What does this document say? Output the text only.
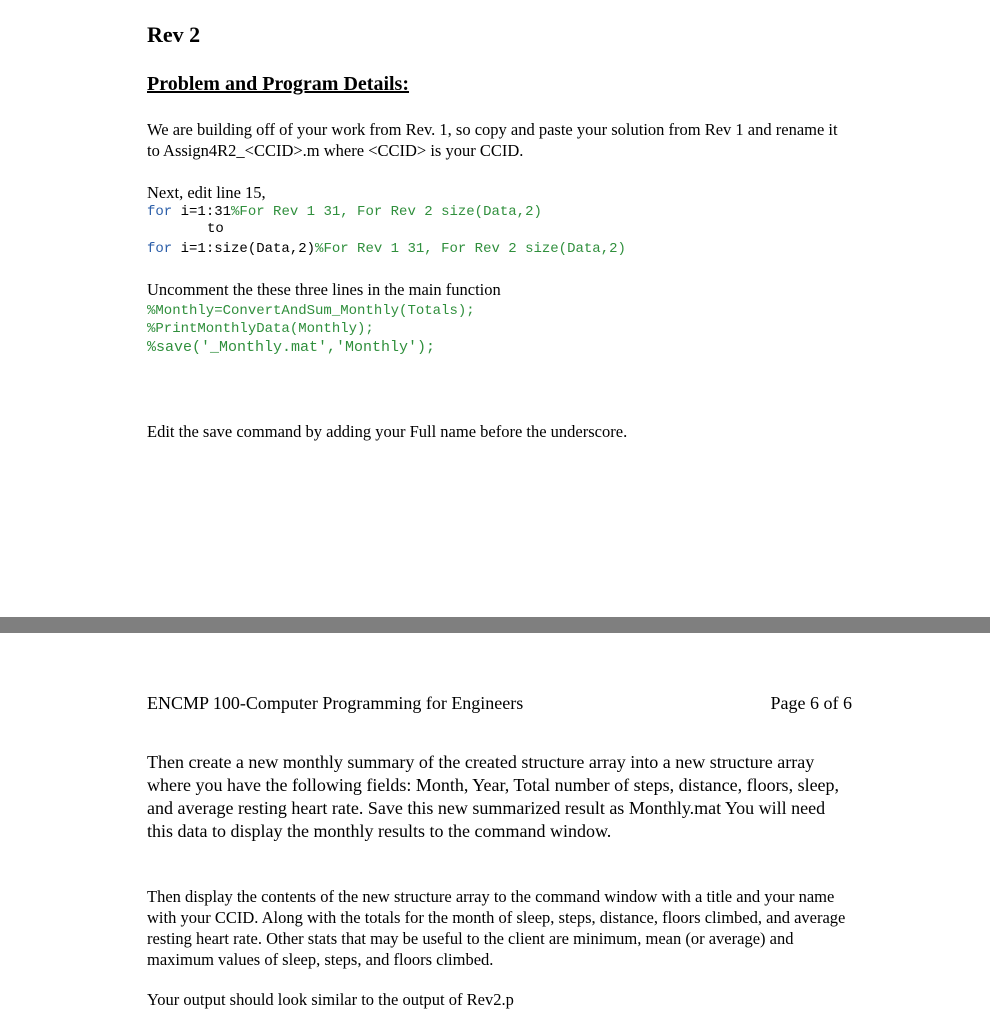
Rev 2

Problem and Program Details:

We are building off of your work from Rev. 1, so copy and paste your solution from Rev 1 and rename it to Assign4R2_<CCID>.m where <CCID> is your CCID.

Next, edit line 15,

for i=1:31%For Rev 1 31, For Rev 2 size(Data,2)

to

for i=1:size(Data,2)%For Rev 1 31, For Rev 2 size(Data,2)

Uncomment the these three lines in the main function

%Monthly=ConvertAndSum_Monthly(Totals);

%PrintMonthlyData(Monthly);

%save('_Monthly.mat','Monthly');

Edit the save command by adding your Full name before the underscore.

ENCMP 100-Computer Programming for Engineers	Page 6 of 6

Then create a new monthly summary of the created structure array into a new structure array where you have the following fields: Month, Year, Total number of steps, distance, floors, sleep, and average resting heart rate. Save this new summarized result as Monthly.mat You will need this data to display the monthly results to the command window.

Then display the contents of the new structure array to the command window with a title and your name with your CCID. Along with the totals for the month of sleep, steps, distance, floors climbed, and average resting heart rate. Other stats that may be useful to the client are minimum, mean (or average) and maximum values of sleep, steps, and floors climbed.

Your output should look similar to the output of Rev2.p
